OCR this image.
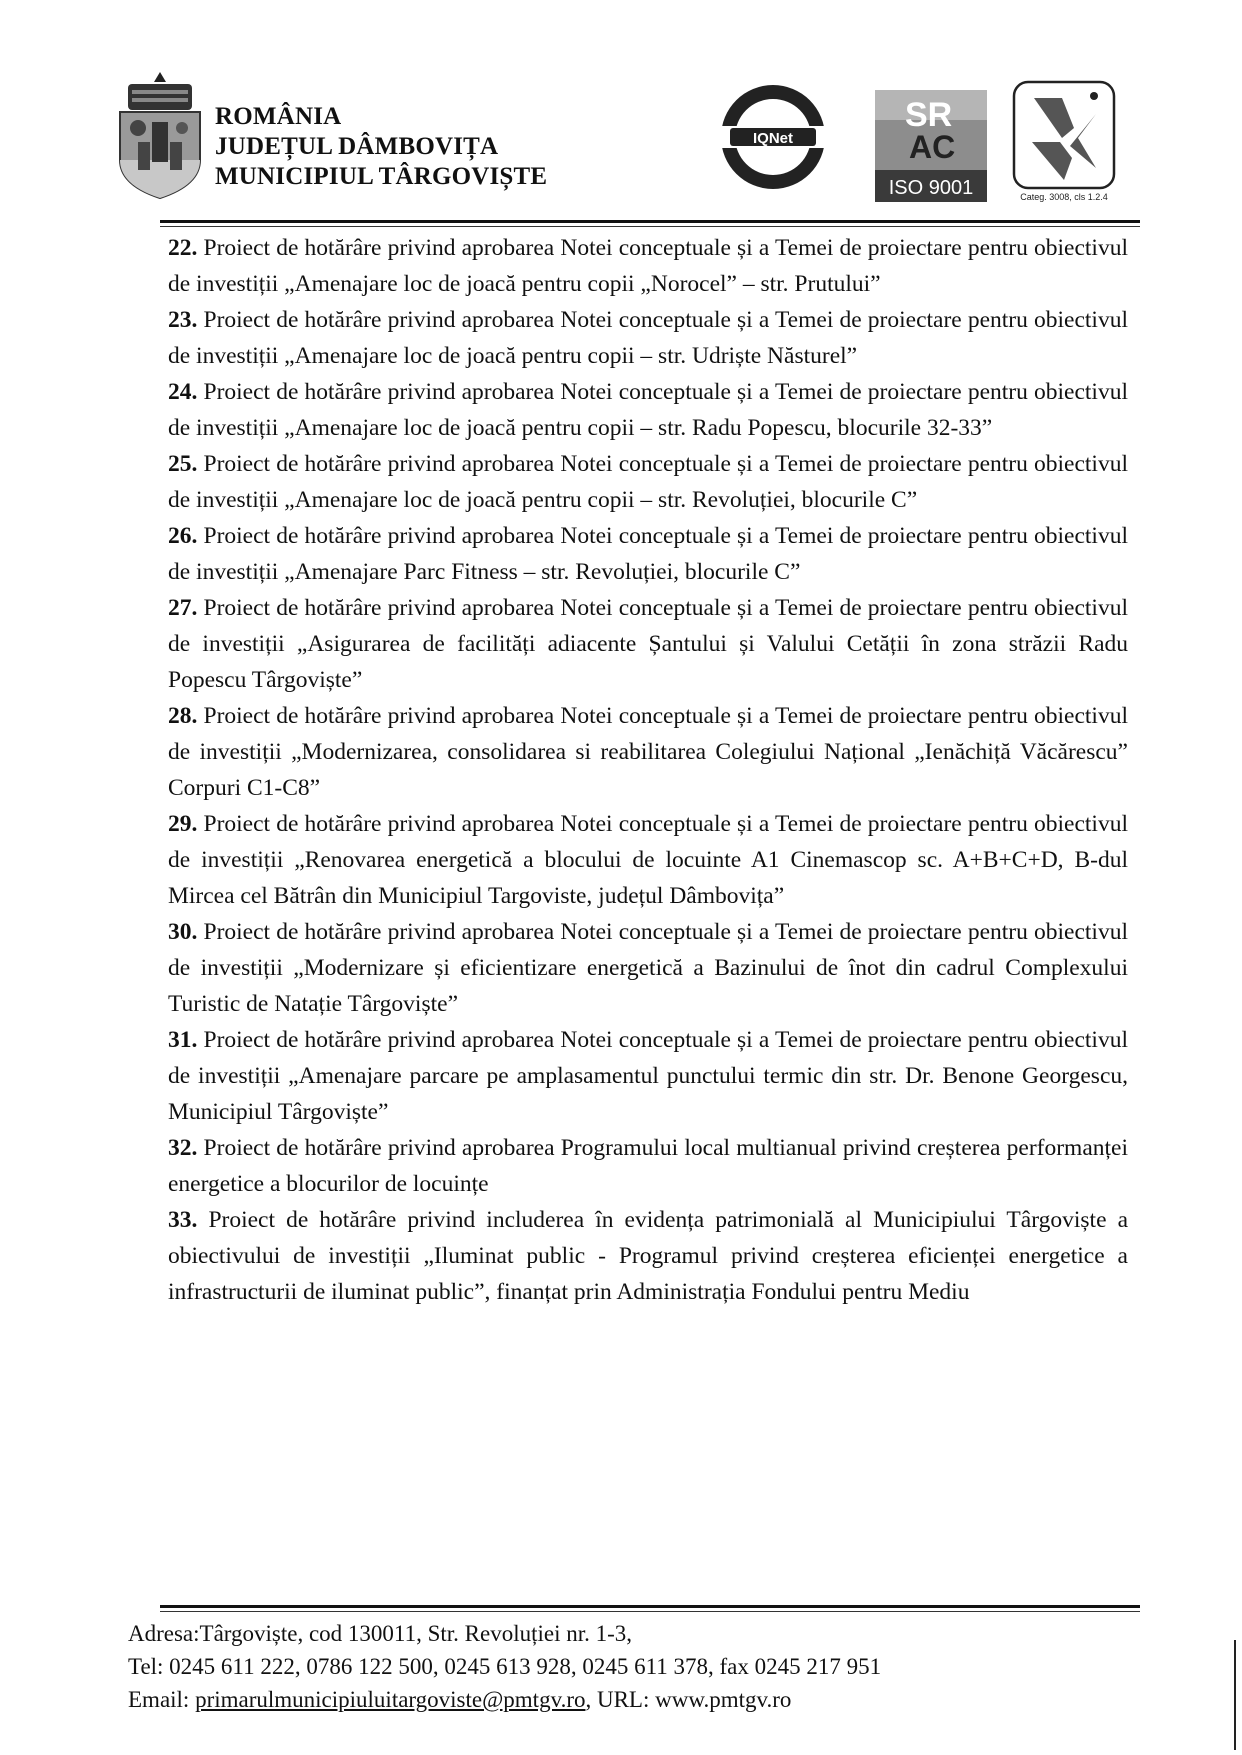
ROMÂNIA
JUDEȚUL DÂMBOVIȚA
MUNICIPIUL TÂRGOVIȘTE
IQNet
SR
AC
ISO 9001	Categ. 3008, cls 1.2.4

22. Proiect de hotărâre privind aprobarea Notei conceptuale și a Temei de proiectare pentru obiectivul de investiții „Amenajare loc de joacă pentru copii „Norocel” – str. Prutului”

23. Proiect de hotărâre privind aprobarea Notei conceptuale și a Temei de proiectare pentru obiectivul de investiții „Amenajare loc de joacă pentru copii – str. Udriște Năsturel”

24. Proiect de hotărâre privind aprobarea Notei conceptuale și a Temei de proiectare pentru obiectivul de investiții „Amenajare loc de joacă pentru copii – str. Radu Popescu, blocurile 32-33”

25. Proiect de hotărâre privind aprobarea Notei conceptuale și a Temei de proiectare pentru obiectivul de investiții „Amenajare loc de joacă pentru copii – str. Revoluției, blocurile C”

26. Proiect de hotărâre privind aprobarea Notei conceptuale și a Temei de proiectare pentru obiectivul de investiții „Amenajare Parc Fitness – str. Revoluției, blocurile C”

27. Proiect de hotărâre privind aprobarea Notei conceptuale și a Temei de proiectare pentru obiectivul de investiții „Asigurarea de facilități adiacente Șantului și Valului Cetății în zona străzii Radu Popescu Târgoviște”

28. Proiect de hotărâre privind aprobarea Notei conceptuale și a Temei de proiectare pentru obiectivul de investiții „Modernizarea, consolidarea si reabilitarea Colegiului Național „Ienăchiță Văcărescu” Corpuri C1-C8”

29. Proiect de hotărâre privind aprobarea Notei conceptuale și a Temei de proiectare pentru obiectivul de investiții „Renovarea energetică a blocului de locuinte A1 Cinemascop sc. A+B+C+D, B-dul Mircea cel Bătrân din Municipiul Targoviste, județul Dâmbovița”

30. Proiect de hotărâre privind aprobarea Notei conceptuale și a Temei de proiectare pentru obiectivul de investiții „Modernizare și eficientizare energetică a Bazinului de înot din cadrul Complexului Turistic de Natație Târgoviște”

31. Proiect de hotărâre privind aprobarea Notei conceptuale și a Temei de proiectare pentru obiectivul de investiții „Amenajare parcare pe amplasamentul punctului termic din str. Dr. Benone Georgescu, Municipiul Târgoviște”

32. Proiect de hotărâre privind aprobarea Programului local multianual privind creșterea performanței energetice a blocurilor de locuințe

33. Proiect de hotărâre privind includerea în evidența patrimonială al Municipiului Târgoviște a obiectivului de investiții „Iluminat public - Programul privind creșterea eficienței energetice a infrastructurii de iluminat public”, finanțat prin Administrația Fondului pentru Mediu

Adresa:Târgoviște, cod 130011, Str. Revoluției nr. 1-3,
Tel: 0245 611 222, 0786 122 500, 0245 613 928, 0245 611 378, fax 0245 217 951
Email: primarulmunicipiuluitargoviste@pmtgv.ro, URL: www.pmtgv.ro
